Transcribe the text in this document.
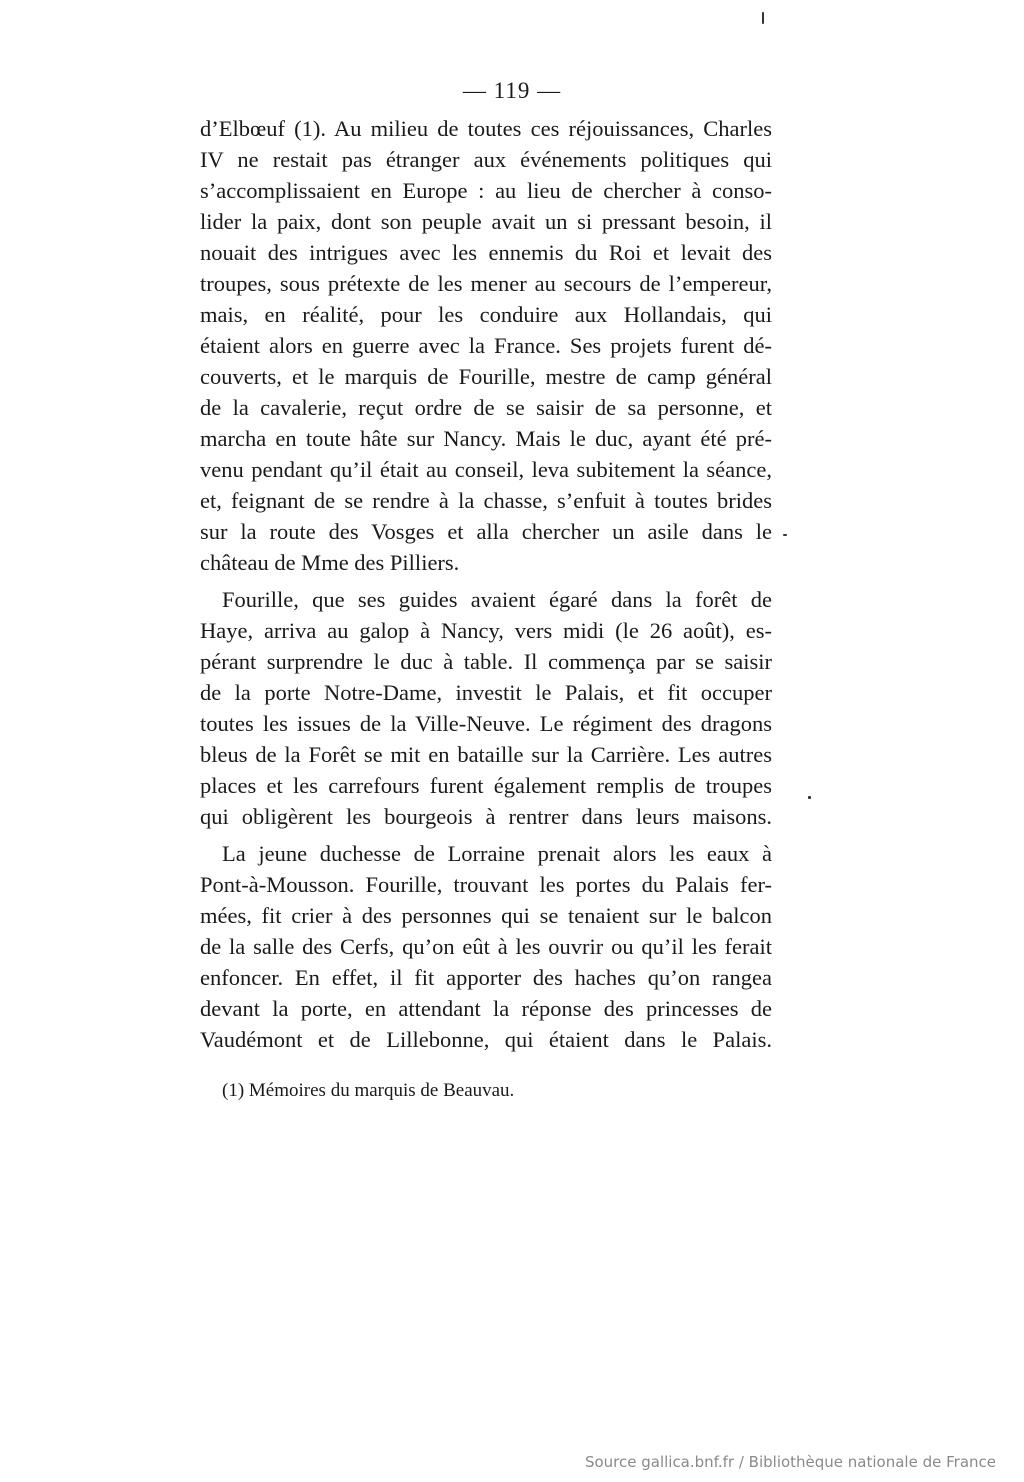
— 119 —
d’Elbœuf (1). Au milieu de toutes ces réjouissances, Charles
IV ne restait pas étranger aux événements politiques qui
s’accomplissaient en Europe : au lieu de chercher à conso-
lider la paix, dont son peuple avait un si pressant besoin, il
nouait des intrigues avec les ennemis du Roi et levait des
troupes, sous prétexte de les mener au secours de l’empereur,
mais, en réalité, pour les conduire aux Hollandais, qui
étaient alors en guerre avec la France. Ses projets furent dé-
couverts, et le marquis de Fourille, mestre de camp général
de la cavalerie, reçut ordre de se saisir de sa personne, et
marcha en toute hâte sur Nancy. Mais le duc, ayant été pré-
venu pendant qu’il était au conseil, leva subitement la séance,
et, feignant de se rendre à la chasse, s’enfuit à toutes brides
sur la route des Vosges et alla chercher un asile dans le
château de Mme des Pilliers.
Fourille, que ses guides avaient égaré dans la forêt de
Haye, arriva au galop à Nancy, vers midi (le 26 août), es-
pérant surprendre le duc à table. Il commença par se saisir
de la porte Notre-Dame, investit le Palais, et fit occuper
toutes les issues de la Ville-Neuve. Le régiment des dragons
bleus de la Forêt se mit en bataille sur la Carrière. Les autres
places et les carrefours furent également remplis de troupes
qui obligèrent les bourgeois à rentrer dans leurs maisons.
La jeune duchesse de Lorraine prenait alors les eaux à
Pont-à-Mousson. Fourille, trouvant les portes du Palais fer-
mées, fit crier à des personnes qui se tenaient sur le balcon
de la salle des Cerfs, qu’on eût à les ouvrir ou qu’il les ferait
enfoncer. En effet, il fit apporter des haches qu’on rangea
devant la porte, en attendant la réponse des princesses de
Vaudémont et de Lillebonne, qui étaient dans le Palais.
(1) Mémoires du marquis de Beauvau.
Source gallica.bnf.fr / Bibliothèque nationale de France
